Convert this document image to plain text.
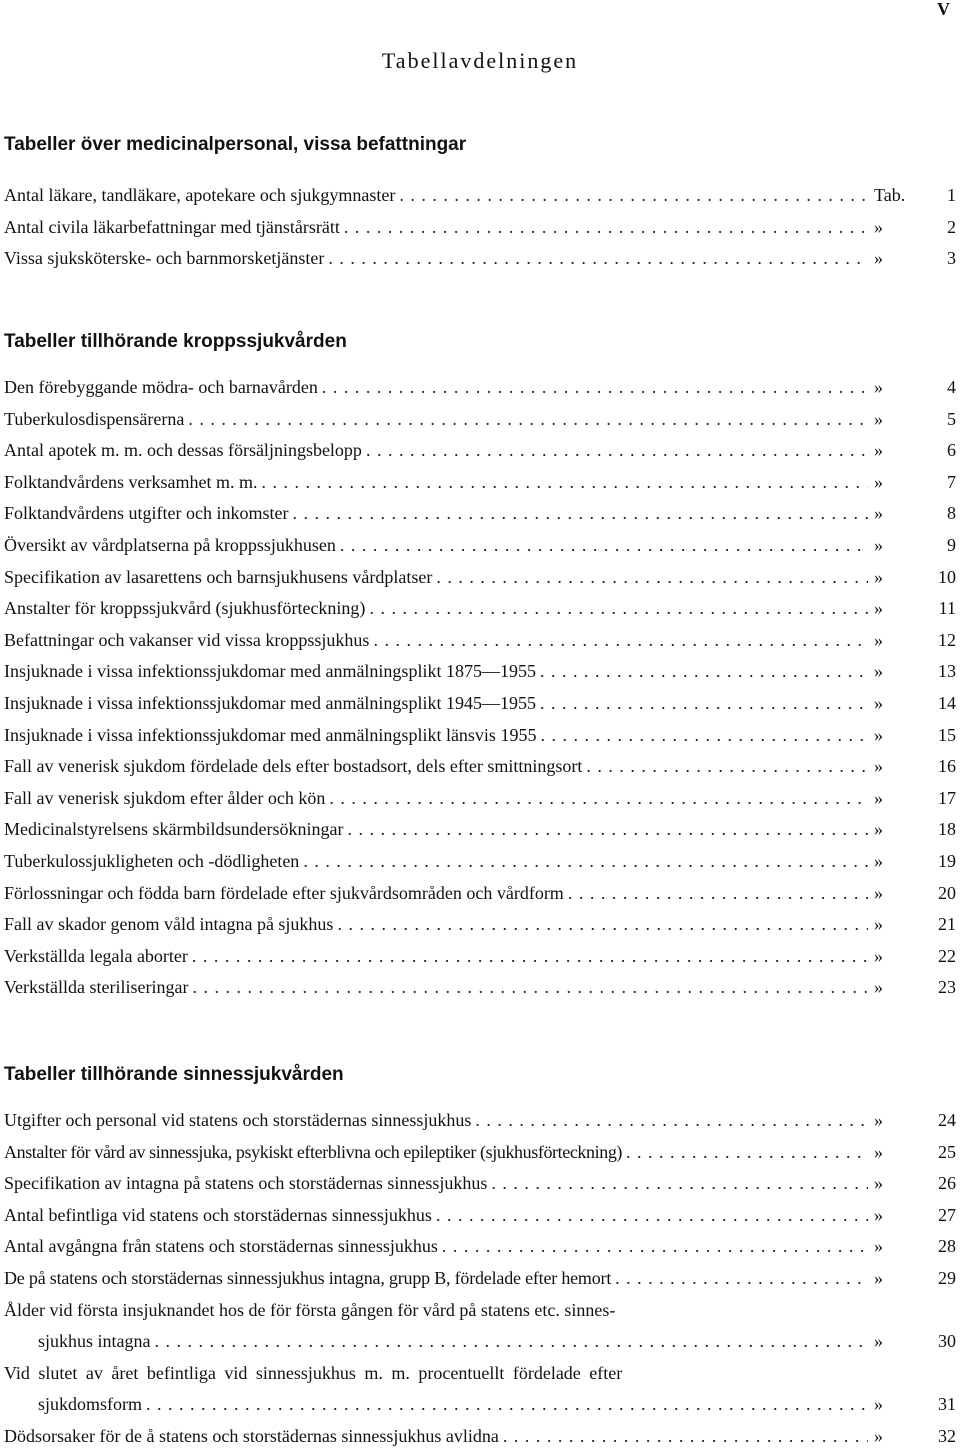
V
Tabellavdelningen
Tabeller över medicinalpersonal, vissa befattningar
Antal läkare, tandläkare, apotekare och sjukgymnaster . . .	Tab.	1
Antal civila läkarbefattningar med tjänstårsrätt . . .	»	2
Vissa sjuksköterske- och barnmorsketjänster . . .	»	3
Tabeller tillhörande kroppssjukvården
Den förebyggande mödra- och barnavården . . .	»	4
Tuberkulosdispensärerna . . .	»	5
Antal apotek m. m. och dessas försäljningsbelopp . . .	»	6
Folktandvårdens verksamhet m. m. . . .	»	7
Folktandvårdens utgifter och inkomster . . .	»	8
Översikt av vårdplatserna på kroppssjukhusen . . .	»	9
Specifikation av lasarettens och barnsjukhusens vårdplatser . . .	»	10
Anstalter för kroppssjukvård (sjukhusförteckning) . . .	»	11
Befattningar och vakanser vid vissa kroppssjukhus . . .	»	12
Insjuknade i vissa infektionssjukdomar med anmälningsplikt 1875—1955 . . .	»	13
Insjuknade i vissa infektionssjukdomar med anmälningsplikt 1945—1955 . . .	»	14
Insjuknade i vissa infektionssjukdomar med anmälningsplikt länsvis 1955 . . .	»	15
Fall av venerisk sjukdom fördelade dels efter bostadsort, dels efter smittningsort . . .	»	16
Fall av venerisk sjukdom efter ålder och kön . . .	»	17
Medicinalstyrelsens skärmbildsundersökningar . . .	»	18
Tuberkulossjukligheten och -dödligheten . . .	»	19
Förlossningar och födda barn fördelade efter sjukvårdsområden och vårdform . . .	»	20
Fall av skador genom våld intagna på sjukhus . . .	»	21
Verkställda legala aborter . . .	»	22
Verkställda steriliseringar . . .	»	23
Tabeller tillhörande sinnessjukvården
Utgifter och personal vid statens och storstädernas sinnessjukhus . . .	»	24
Anstalter för vård av sinnessjuka, psykiskt efterblivna och epileptiker (sjukhusförteckning) . . .	»	25
Specifikation av intagna på statens och storstädernas sinnessjukhus . . .	»	26
Antal befintliga vid statens och storstädernas sinnessjukhus . . .	»	27
Antal avgångna från statens och storstädernas sinnessjukhus . . .	»	28
De på statens och storstädernas sinnessjukhus intagna, grupp B, fördelade efter hemort . . .	»	29
Ålder vid första insjuknandet hos de för första gången för vård på statens etc. sinnes-
sjukhus intagna . . .	»	30
Vid slutet av året befintliga vid sinnessjukhus m. m. procentuellt fördelade efter
sjukdomsform . . .	»	31
Dödsorsaker för de å statens och storstädernas sinnessjukhus avlidna . . .	»	32
